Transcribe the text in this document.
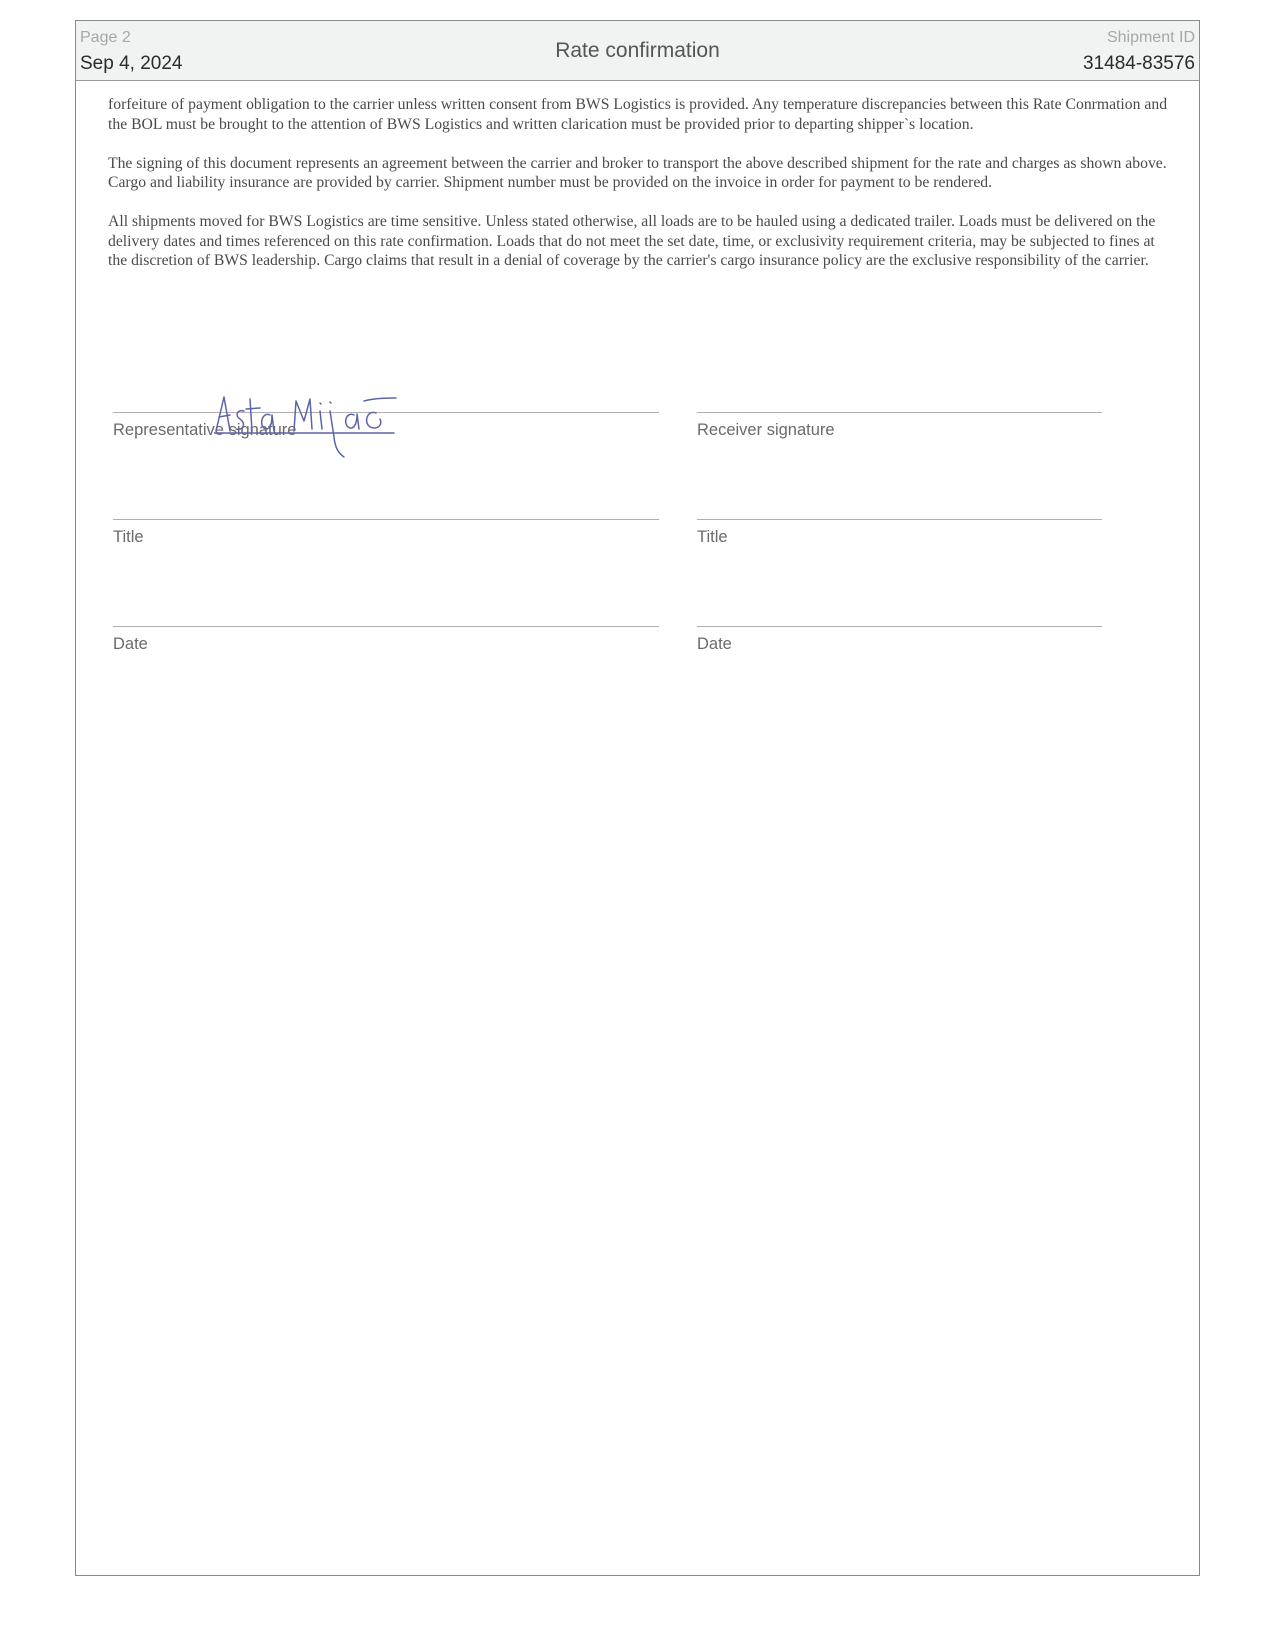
Page 2
Sep 4, 2024
Rate confirmation
Shipment ID
31484-83576

forfeiture of payment obligation to the carrier unless written consent from BWS Logistics is provided. Any temperature discrepancies between this Rate Conrmation and the BOL must be brought to the attention of BWS Logistics and written clarication must be provided prior to departing shipper`s location.

The signing of this document represents an agreement between the carrier and broker to transport the above described shipment for the rate and charges as shown above. Cargo and liability insurance are provided by carrier. Shipment number must be provided on the invoice in order for payment to be rendered.

All shipments moved for BWS Logistics are time sensitive. Unless stated otherwise, all loads are to be hauled using a dedicated trailer. Loads must be delivered on the delivery dates and times referenced on this rate confirmation. Loads that do not meet the set date, time, or exclusivity requirement criteria, may be subjected to fines at the discretion of BWS leadership. Cargo claims that result in a denial of coverage by the carrier's cargo insurance policy are the exclusive responsibility of the carrier.

Representative signature
Title
Date
Asta Mijac
Receiver signature
Title
Date
